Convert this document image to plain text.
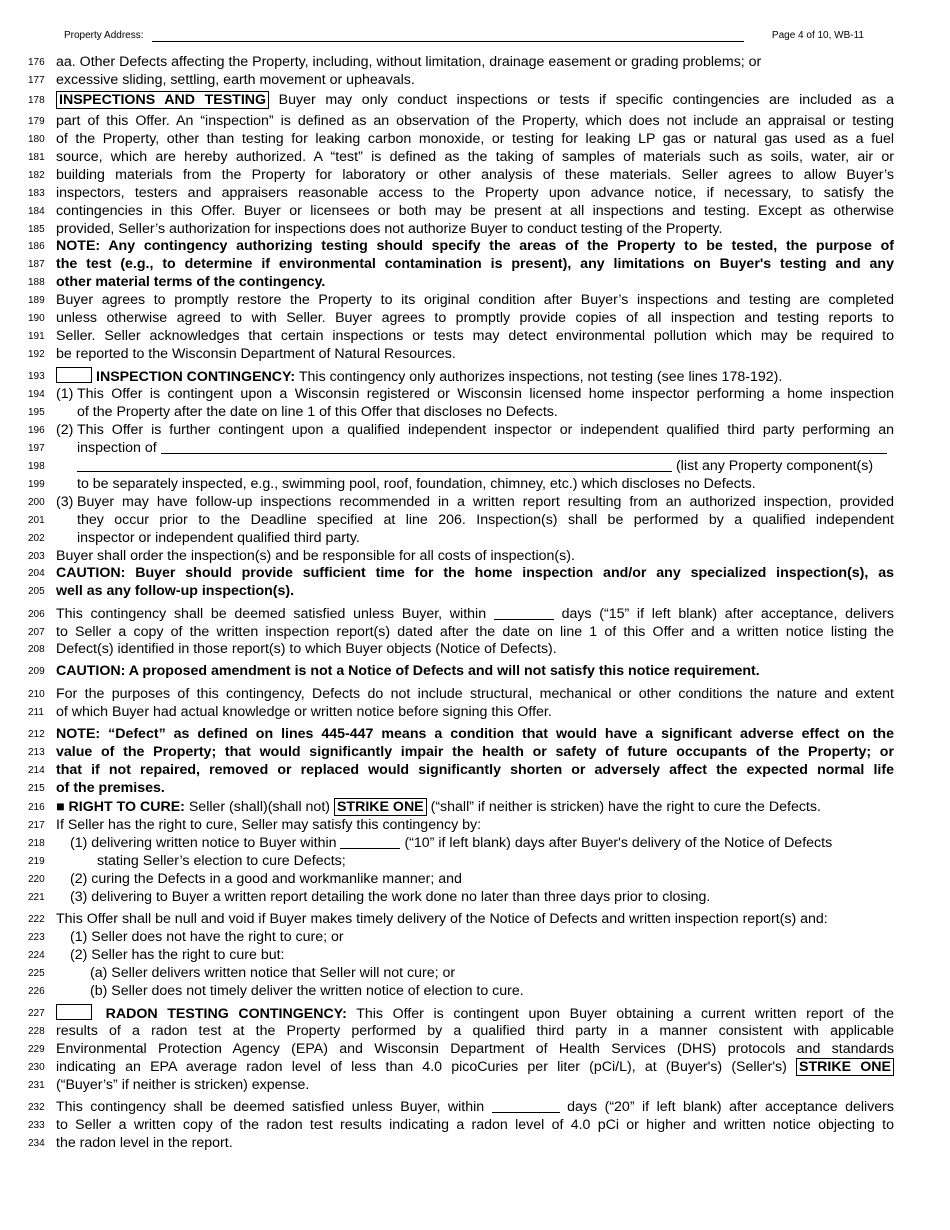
Property Address:	Page 4 of 10, WB-11
176 aa. Other Defects affecting the Property, including, without limitation, drainage easement or grading problems; or
177 excessive sliding, settling, earth movement or upheavals.
178	INSPECTIONS AND TESTING Buyer may only conduct inspections or tests if specific contingencies are included as a
179 part of this Offer. An “inspection” is defined as an observation of the Property, which does not include an appraisal or testing
180 of the Property, other than testing for leaking carbon monoxide, or testing for leaking LP gas or natural gas used as a fuel
181 source, which are hereby authorized. A “test” is defined as the taking of samples of materials such as soils, water, air or
182 building materials from the Property for laboratory or other analysis of these materials. Seller agrees to allow Buyer’s
183 inspectors, testers and appraisers reasonable access to the Property upon advance notice, if necessary, to satisfy the
184 contingencies in this Offer. Buyer or licensees or both may be present at all inspections and testing. Except as otherwise
185 provided, Seller’s authorization for inspections does not authorize Buyer to conduct testing of the Property.
186 NOTE: Any contingency authorizing testing should specify the areas of the Property to be tested, the purpose of
187 the test (e.g., to determine if environmental contamination is present), any limitations on Buyer's testing and any
188 other material terms of the contingency.
189 Buyer agrees to promptly restore the Property to its original condition after Buyer’s inspections and testing are completed
190 unless otherwise agreed to with Seller. Buyer agrees to promptly provide copies of all inspection and testing reports to
191 Seller. Seller acknowledges that certain inspections or tests may detect environmental pollution which may be required to
192 be reported to the Wisconsin Department of Natural Resources.
193	INSPECTION CONTINGENCY: This contingency only authorizes inspections, not testing (see lines 178-192).
194 (1) This Offer is contingent upon a Wisconsin registered or Wisconsin licensed home inspector performing a home inspection
195	of the Property after the date on line 1 of this Offer that discloses no Defects.
196 (2) This Offer is further contingent upon a qualified independent inspector or independent qualified third party performing an
197	inspection of
198	(list any Property component(s)
199	to be separately inspected, e.g., swimming pool, roof, foundation, chimney, etc.) which discloses no Defects.
200 (3) Buyer may have follow-up inspections recommended in a written report resulting from an authorized inspection, provided
201	they occur prior to the Deadline specified at line 206. Inspection(s) shall be performed by a qualified independent
202	inspector or independent qualified third party.
203 Buyer shall order the inspection(s) and be responsible for all costs of inspection(s).
204 CAUTION: Buyer should provide sufficient time for the home inspection and/or any specialized inspection(s), as
205 well as any follow-up inspection(s).
206 This contingency shall be deemed satisfied unless Buyer, within	days (“15” if left blank) after acceptance, delivers
207 to Seller a copy of the written inspection report(s) dated after the date on line 1 of this Offer and a written notice listing the
208 Defect(s) identified in those report(s) to which Buyer objects (Notice of Defects).
209 CAUTION: A proposed amendment is not a Notice of Defects and will not satisfy this notice requirement.
210 For the purposes of this contingency, Defects do not include structural, mechanical or other conditions the nature and extent
211 of which Buyer had actual knowledge or written notice before signing this Offer.
212 NOTE: “Defect” as defined on lines 445-447 means a condition that would have a significant adverse effect on the
213 value of the Property; that would significantly impair the health or safety of future occupants of the Property; or
214 that if not repaired, removed or replaced would significantly shorten or adversely affect the expected normal life
215 of the premises.
216 ■ RIGHT TO CURE: Seller (shall)(shall not) STRIKE ONE (“shall” if neither is stricken) have the right to cure the Defects.
217 If Seller has the right to cure, Seller may satisfy this contingency by:
218	(1) delivering written notice to Buyer within	(“10” if left blank) days after Buyer's delivery of the Notice of Defects
219	stating Seller’s election to cure Defects;
220	(2) curing the Defects in a good and workmanlike manner; and
221	(3) delivering to Buyer a written report detailing the work done no later than three days prior to closing.
222 This Offer shall be null and void if Buyer makes timely delivery of the Notice of Defects and written inspection report(s) and:
223	(1) Seller does not have the right to cure; or
224	(2) Seller has the right to cure but:
225	(a) Seller delivers written notice that Seller will not cure; or
226	(b) Seller does not timely deliver the written notice of election to cure.
227	RADON TESTING CONTINGENCY: This Offer is contingent upon Buyer obtaining a current written report of the
228 results of a radon test at the Property performed by a qualified third party in a manner consistent with applicable
229 Environmental Protection Agency (EPA) and Wisconsin Department of Health Services (DHS) protocols and standards
230 indicating an EPA average radon level of less than 4.0 picoCuries per liter (pCi/L), at (Buyer's) (Seller's) STRIKE ONE
231 (“Buyer’s” if neither is stricken) expense.
232 This contingency shall be deemed satisfied unless Buyer, within	days (“20” if left blank) after acceptance delivers
233 to Seller a written copy of the radon test results indicating a radon level of 4.0 pCi or higher and written notice objecting to
234 the radon level in the report.
